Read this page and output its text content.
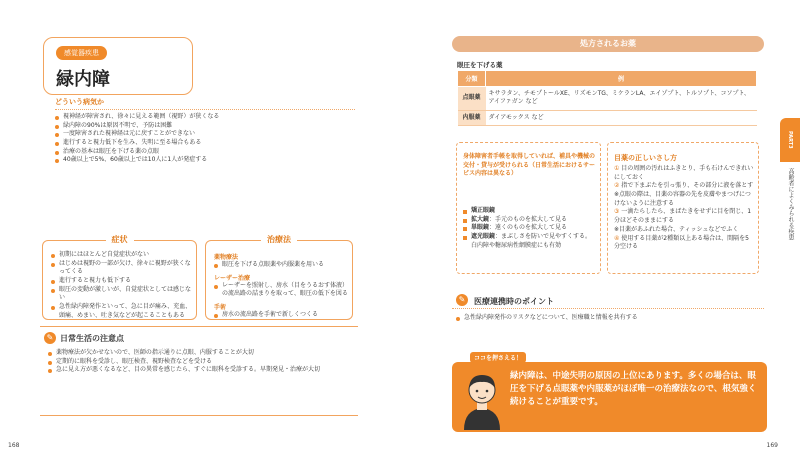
感覚器疾患
緑内障
どういう病気か
視神経が障害され、徐々に見える範囲（視野）が狭くなる
緑内障の90%は原因不明で、予防は困難
一度障害された視神経は元に戻すことができない
進行すると視力低下を生み、失明に至る場合もある
治療の基本は眼圧を下げる薬の点眼
40歳以上で5%、60歳以上では10人に1人が発症する
症状
初期にはほとんど自覚症状がない
はじめは視野の一部が欠け、徐々に視野が狭くなってくる
進行すると視力も低下する
眼圧の変動が激しいが、自覚症状としては感じない
急性緑内障発作といって、急に目が痛み、充血、頭痛、めまい、吐き気などが起こることもある
治療法
薬物療法
眼圧を下げる点眼薬や内服薬を用いる
レーザー治療
レーザーを照射し、房水（目をうるおす体液）の流出路の詰まりを取って、眼圧の低下を図る
手術
房水の流出路を手術で新しくつくる
✎ 日常生活の注意点
薬物療法が欠かせないので、医師の指示通りに点眼、内服することが大切
定期的に眼科を受診し、眼圧検査、視野検査などを受ける
急に見え方が悪くなるなど、目の異常を感じたら、すぐに眼科を受診する。早期発見・治療が大切
168
処方されるお薬
眼圧を下げる薬
分類	例
点眼薬	キサラタン、チモプトールXE、リズモンTG、ミケランLA、エイゾプト、トルソプト、コソプト、アイファガン など
内服薬	ダイアモックス など
身体障害者手帳を取得していれば、補具や機械の交付・貸与が受けられる（日常生活におけるサービス内容は異なる）
矯正眼鏡
拡大鏡：手元のものを拡大して見る
単眼鏡：遠くのものを拡大して見る
遮光眼鏡：まぶしさを防いで見やすくする。白内障や糖尿病性網膜症にも有効
目薬の正しいさし方
① 目の周囲の汚れはふきとり、手も石けんできれいにしておく
② 指で下まぶたを引っ張り、その部分に液を落とす
※点眼の際は、目薬の容器の先を皮膚やまつげにつけないように注意する
③ 一滴たらしたら、まばたきをせずに目を閉じ、1分ほどそのままにする
※目薬があふれた場合、ティッシュなどでふく
④ 使用する目薬が2種類以上ある場合は、間隔を5分空ける
PART3
高齢者によくみられる疾患
✎	医療連携時のポイント
急性緑内障発作のリスクなどについて、医療職と情報を共有する
緑内障は、中途失明の原因の上位にあります。多くの場合は、眼圧を下げる点眼薬や内服薬がほぼ唯一の治療法なので、根気強く続けることが重要です。
ココを押さえる！
169
